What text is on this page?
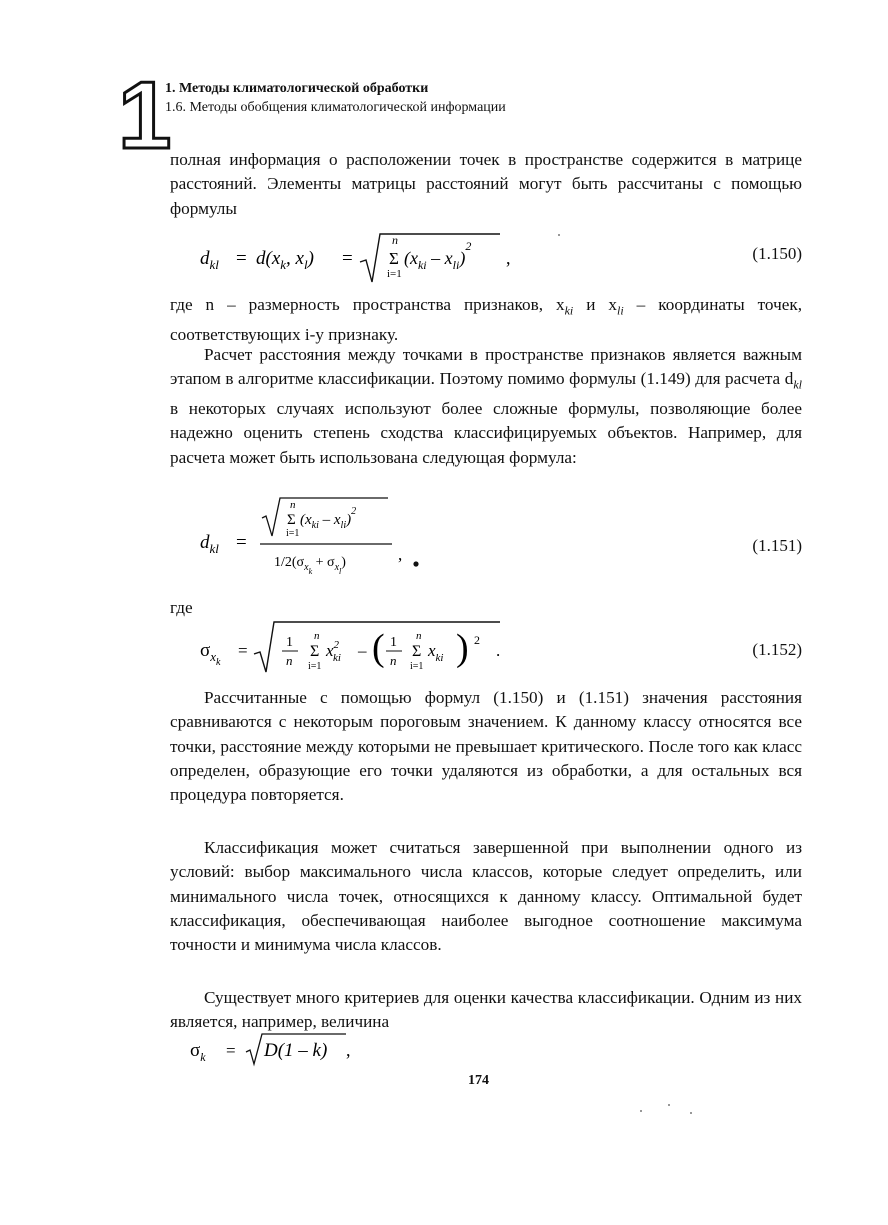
1
1. Методы климатологической обработки
1.6. Методы обобщения климатологической информации

полная информация о расположении точек в пространстве содержится в матрице расстояний. Элементы матрицы расстояний могут быть рассчитаны с помощью формулы

$d_{kl} = d(x_k$, $x_l$) =
n
Σ
i=1
$(x_{ki} - x_{li})^2$
,	(1.150)

где n – размерность пространства признаков, $x_{ki}$ и $x_{li}$ – координаты точек, соответствующих i-у признаку.

Расчет расстояния между точками в пространстве признаков является важным этапом в алгоритме классификации. Поэтому помимо формулы (1.149) для расчета $d_{kl}$ в некоторых случаях используют более сложные формулы, позволяющие более надежно оценить степень сходства классифицируемых объектов. Например, для расчета может быть использована следующая формула:

$d_{kl}$ =
n
Σ
i=1
$(x_{ki} - x_{li})^2$
$1/2(\sigma_{xk} + \sigma_{xl})$	,	(1.151)

где

$\sigma_{xk}$
=	1
n
n
Σ
i=1
$x^2$ ki – ( 1
n
n
Σ
i=1
$x_{ki}$ ) 2
.	(1.152)

Рассчитанные с помощью формул (1.150) и (1.151) значения расстояния сравниваются с некоторым пороговым значением. К данному классу относятся все точки, расстояние между которыми не превышает критического. После того как класс определен, образующие его точки удаляются из обработки, а для остальных вся процедура повторяется.

Классификация может считаться завершенной при выполнении одного из условий: выбор максимального числа классов, которые следует определить, или минимального числа точек, относящихся к данному классу. Оптимальной будет классификация, обеспечивающая наиболее выгодное соотношение максимума точности и минимума числа классов.

Существует много критериев для оценки качества классификации. Одним из них является, например, величина

$\sigma_k = D(1 - k)$ ,
174
